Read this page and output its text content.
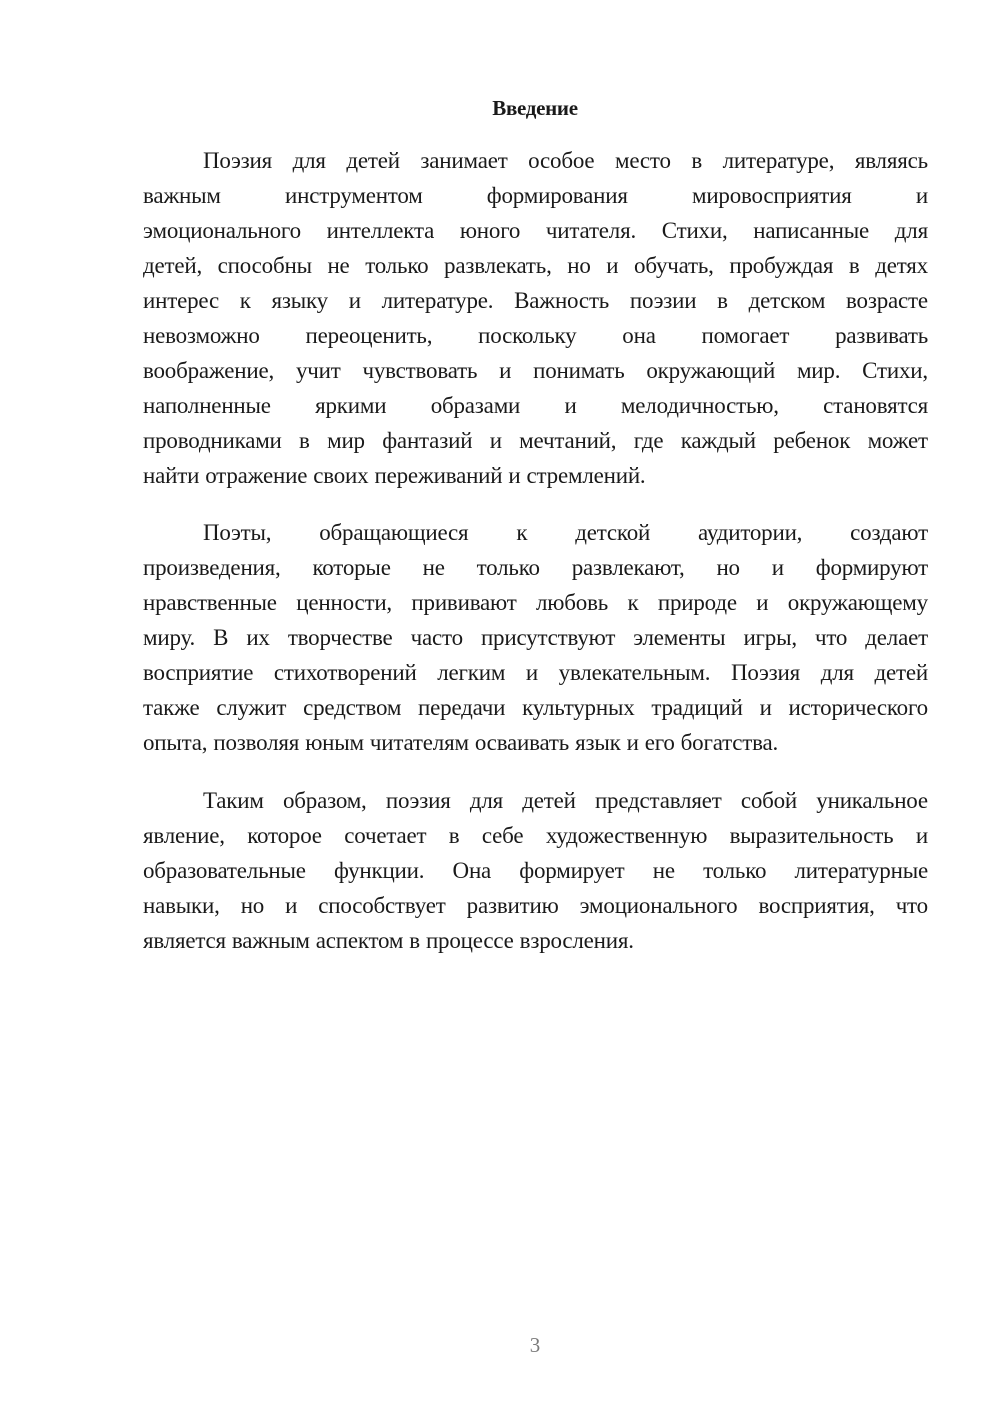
Введение
Поэзия для детей занимает особое место в литературе, являясь
важным	инструментом	формирования	мировосприятия	и
эмоционального интеллекта юного читателя. Стихи, написанные для
детей, способны не только развлекать, но и обучать, пробуждая в детях
интерес к языку и литературе. Важность поэзии в детском возрасте
невозможно переоценить, поскольку она помогает развивать
воображение, учит чувствовать и понимать окружающий мир. Стихи,
наполненные яркими образами и мелодичностью, становятся
проводниками в мир фантазий и мечтаний, где каждый ребенок может
найти отражение своих переживаний и стремлений.
Поэты, обращающиеся к детской аудитории, создают
произведения, которые не только развлекают, но и формируют
нравственные ценности, прививают любовь к природе и окружающему
миру. В их творчестве часто присутствуют элементы игры, что делает
восприятие стихотворений легким и увлекательным. Поэзия для детей
также служит средством передачи культурных традиций и исторического
опыта, позволяя юным читателям осваивать язык и его богатства.
Таким образом, поэзия для детей представляет собой уникальное
явление, которое сочетает в себе художественную выразительность и
образовательные функции. Она формирует не только литературные
навыки, но и способствует развитию эмоционального восприятия, что
является важным аспектом в процессе взросления.
3
